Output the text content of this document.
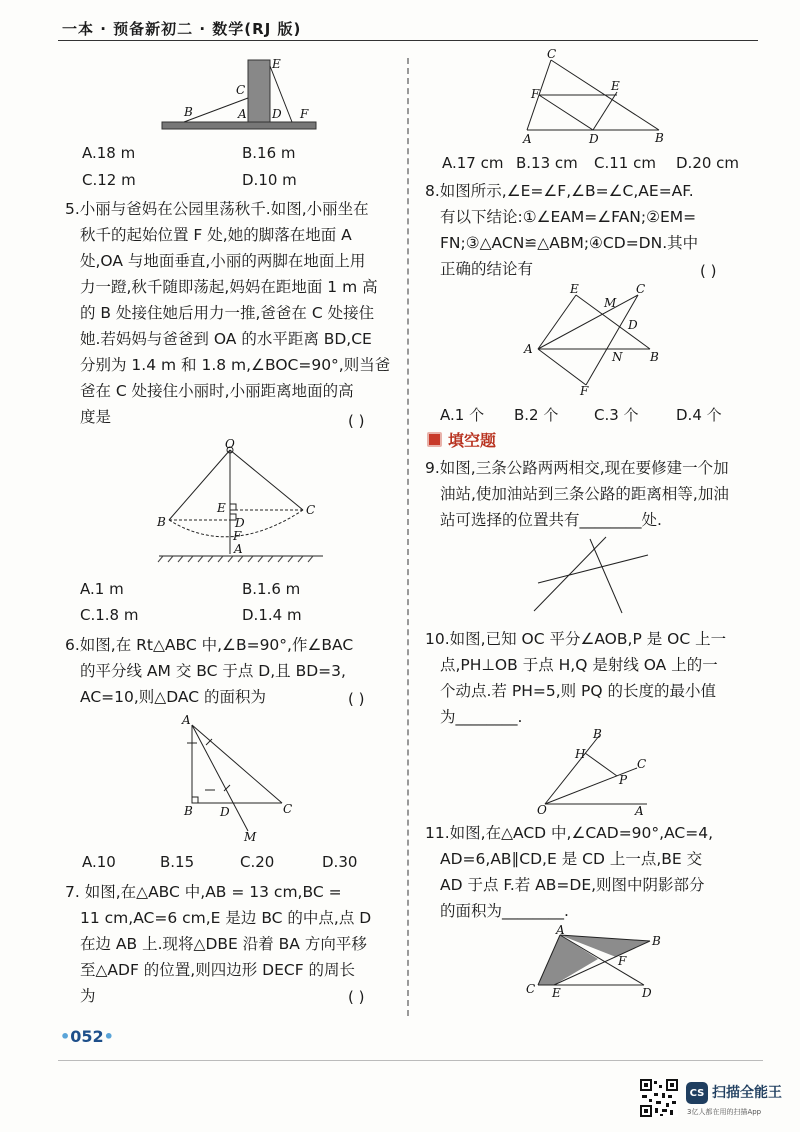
一本 · 预备新初二 · 数学(RJ 版)
E
C
B	A D F
A.18 m	B.16 m
C.12 m	D.10 m
5.小丽与爸妈在公园里荡秋千.如图,小丽坐在
秋千的起始位置 F 处,她的脚落在地面 A
处,OA 与地面垂直,小丽的两脚在地面上用
力一蹬,秋千随即荡起,妈妈在距地面 1 m 高
的 B 处接住她后用力一推,爸爸在 C 处接住
她.若妈妈与爸爸到 OA 的水平距离 BD,CE
分别为 1.4 m 和 1.8 m,∠BOC=90°,则当爸
爸在 C 处接住小丽时,小丽距离地面的高
度是	( )
O
E
D
F
A
B
C
A.1 m	B.1.6 m
C.1.8 m	D.1.4 m
6.如图,在 Rt△ABC 中,∠B=90°,作∠BAC
的平分线 AM 交 BC 于点 D,且 BD=3,
AC=10,则△DAC 的面积为	( )
A
B D	C
M
A.10	B.15	C.20	D.30
7. 如图,在△ABC 中,AB = 13 cm,BC =
11 cm,AC=6 cm,E 是边 BC 的中点,点 D
在边 AB 上.现将△DBE 沿着 BA 方向平移
至△ADF 的位置,则四边形 DECF 的周长
为	( )
C
F
E
A	D	B
A.17 cm B.13 cm C.11 cm D.20 cm
8.如图所示,∠E=∠F,∠B=∠C,AE=AF.
有以下结论:①∠EAM=∠FAN;②EM=
FN;③△ACN≌△ABM;④CD=DN.其中
正确的结论有	( )
E
M
C
D
A
N B
F
A.1 个 B.2 个 C.3 个 D.4 个
填空题
9.如图,三条公路两两相交,现在要修建一个加
油站,使加油站到三条公路的距离相等,加油
站可选择的位置共有________处.
10.如图,已知 OC 平分∠AOB,P 是 OC 上一
点,PH⊥OB 于点 H,Q 是射线 OA 上的一
个动点.若 PH=5,则 PQ 的长度的最小值
为________.
B
H
C
P
O	A
11.如图,在△ACD 中,∠CAD=90°,AC=4,
AD=6,AB∥CD,E 是 CD 上一点,BE 交
AD 于点 F.若 AB=DE,则图中阴影部分
的面积为________.
A
B
F
C E	D
•052•
CS 扫描全能王
3亿人都在用的扫描App
